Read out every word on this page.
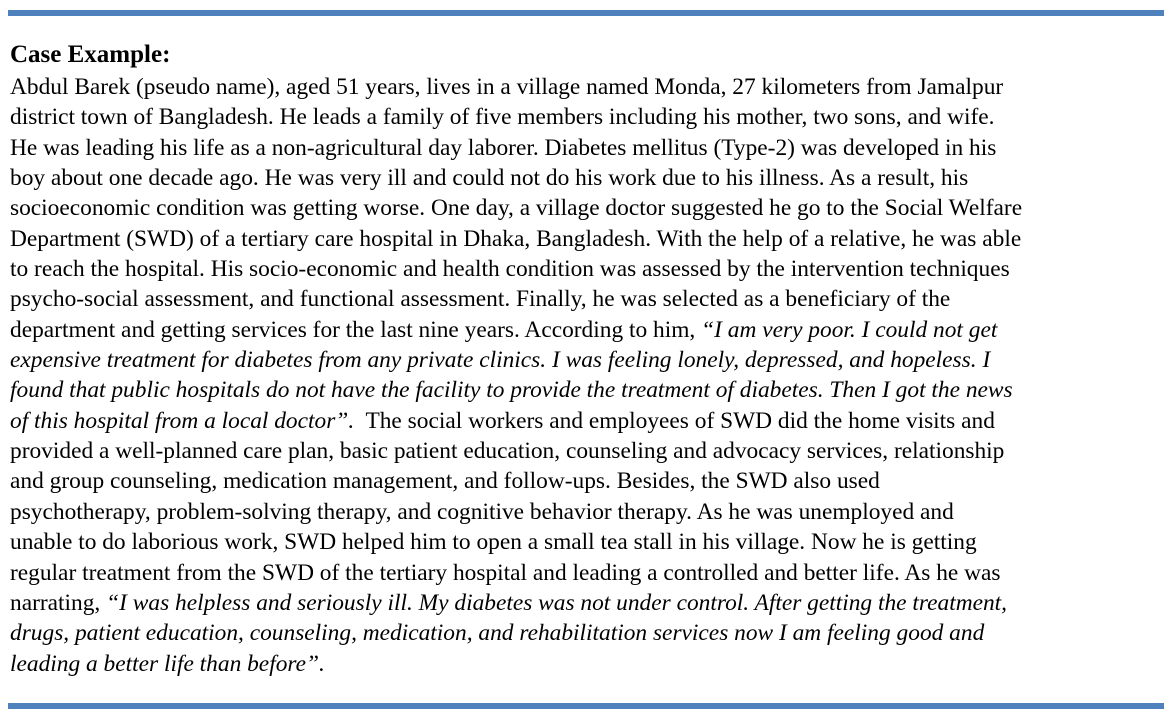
Case Example:

Abdul Barek (pseudo name), aged 51 years, lives in a village named Monda, 27 kilometers from Jamalpur

district town of Bangladesh. He leads a family of five members including his mother, two sons, and wife.

He was leading his life as a non-agricultural day laborer. Diabetes mellitus (Type-2) was developed in his

boy about one decade ago. He was very ill and could not do his work due to his illness. As a result, his

socioeconomic condition was getting worse. One day, a village doctor suggested he go to the Social Welfare

Department (SWD) of a tertiary care hospital in Dhaka, Bangladesh. With the help of a relative, he was able

to reach the hospital. His socio-economic and health condition was assessed by the intervention techniques

psycho-social assessment, and functional assessment. Finally, he was selected as a beneficiary of the

department and getting services for the last nine years. According to him, “I am very poor. I could not get

expensive treatment for diabetes from any private clinics. I was feeling lonely, depressed, and hopeless. I

found that public hospitals do not have the facility to provide the treatment of diabetes. Then I got the news

of this hospital from a local doctor”.  The social workers and employees of SWD did the home visits and

provided a well-planned care plan, basic patient education, counseling and advocacy services, relationship

and group counseling, medication management, and follow-ups. Besides, the SWD also used

psychotherapy, problem-solving therapy, and cognitive behavior therapy. As he was unemployed and

unable to do laborious work, SWD helped him to open a small tea stall in his village. Now he is getting

regular treatment from the SWD of the tertiary hospital and leading a controlled and better life. As he was

narrating, “I was helpless and seriously ill. My diabetes was not under control. After getting the treatment,

drugs, patient education, counseling, medication, and rehabilitation services now I am feeling good and

leading a better life than before”.
